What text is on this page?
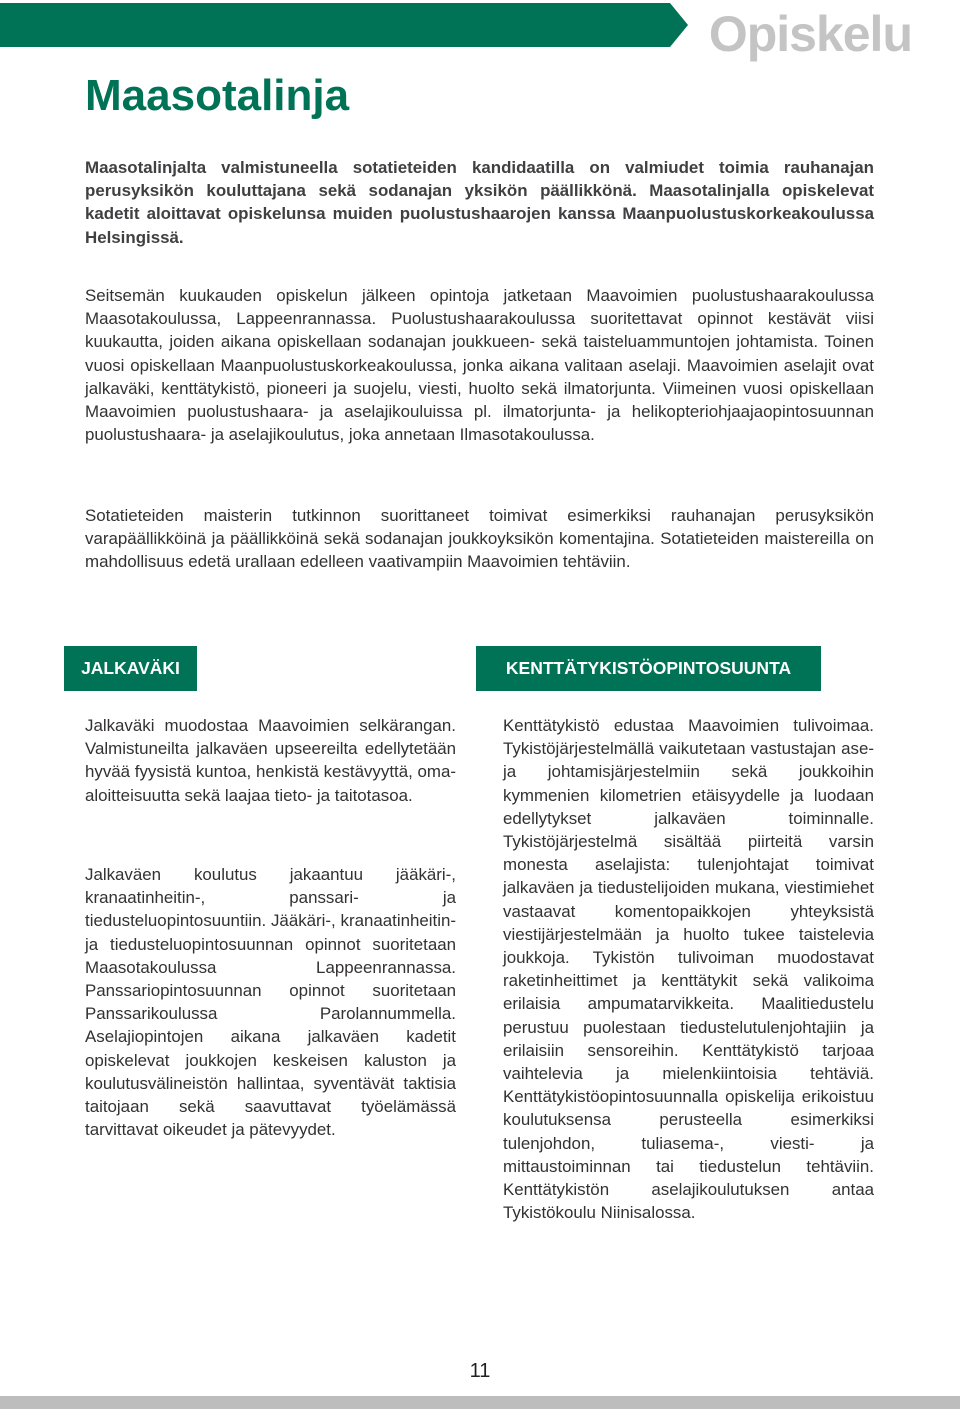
Opiskelu
Maasotalinja

Maasotalinjalta valmistuneella sotatieteiden kandidaatilla on valmiudet toimia rauhanajan perusyksikön kouluttajana sekä sodanajan yksikön päällikkönä. Maasotalinjalla opiskelevat kadetit aloittavat opiskelunsa muiden puolustushaarojen kanssa Maanpuolustuskorkeakoulussa Helsingissä.

Seitsemän kuukauden opiskelun jälkeen opintoja jatketaan Maavoimien puolustushaarakoulussa Maasotakoulussa, Lappeenrannassa. Puolustushaarakoulussa suoritettavat opinnot kestävät viisi kuukautta, joiden aikana opiskellaan sodanajan joukkueen- sekä taisteluammuntojen johtamista. Toinen vuosi opiskellaan Maanpuolustuskorkeakoulussa, jonka aikana valitaan aselaji. Maavoimien aselajit ovat jalkaväki, kenttätykistö, pioneeri ja suojelu, viesti, huolto sekä ilmatorjunta. Viimeinen vuosi opiskellaan Maavoimien puolustushaara- ja aselajikouluissa pl. ilmatorjunta- ja helikopteriohjaajaopintosuunnan puolustushaara- ja aselajikoulutus, joka annetaan Ilmasotakoulussa.

Sotatieteiden maisterin tutkinnon suorittaneet toimivat esimerkiksi rauhanajan perusyksikön varapäällikköinä ja päällikköinä sekä sodanajan joukkoyksikön komentajina. Sotatieteiden maistereilla on mahdollisuus edetä urallaan edelleen vaativampiin Maavoimien tehtäviin.

JALKAVÄKI	KENTTÄTYKISTÖOPINTOSUUNTA

Jalkaväki muodostaa Maavoimien selkärangan. Valmistuneilta jalkaväen upseereilta edellytetään hyvää fyysistä kuntoa, henkistä kestävyyttä, oma-aloitteisuutta sekä laajaa tieto- ja taitotasoa.

Jalkaväen koulutus jakaantuu jääkäri-, kranaatinheitin-, panssari- ja tiedusteluopintosuuntiin. Jääkäri-, kranaatinheitin- ja tiedusteluopintosuunnan opinnot suoritetaan Maasotakoulussa Lappeenrannassa. Panssariopintosuunnan opinnot suoritetaan Panssarikoulussa Parolannummella. Aselajiopintojen aikana jalkaväen kadetit opiskelevat joukkojen keskeisen kaluston ja koulutusvälineistön hallintaa, syventävät taktisia taitojaan sekä saavuttavat työelämässä tarvittavat oikeudet ja pätevyydet.

Kenttätykistö edustaa Maavoimien tulivoimaa. Tykistöjärjestelmällä vaikutetaan vastustajan ase- ja johtamisjärjestelmiin sekä joukkoihin kymmenien kilometrien etäisyydelle ja luodaan edellytykset jalkaväen toiminnalle. Tykistöjärjestelmä sisältää piirteitä varsin monesta aselajista: tulenjohtajat toimivat jalkaväen ja tiedustelijoiden mukana, viestimiehet vastaavat komentopaikkojen yhteyksistä viestijärjestelmään ja huolto tukee taistelevia joukkoja. Tykistön tulivoiman muodostavat raketinheittimet ja kenttätykit sekä valikoima erilaisia ampumatarvikkeita. Maalitiedustelu perustuu puolestaan tiedustelutulenjohtajiin ja erilaisiin sensoreihin. Kenttätykistö tarjoaa vaihtelevia ja mielenkiintoisia tehtäviä. Kenttätykistöopintosuunnalla opiskelija erikoistuu koulutuksensa perusteella esimerkiksi tulenjohdon, tuliasema-, viesti- ja mittaustoiminnan tai tiedustelun tehtäviin. Kenttätykistön aselajikoulutuksen antaa Tykistökoulu Niinisalossa.

11
